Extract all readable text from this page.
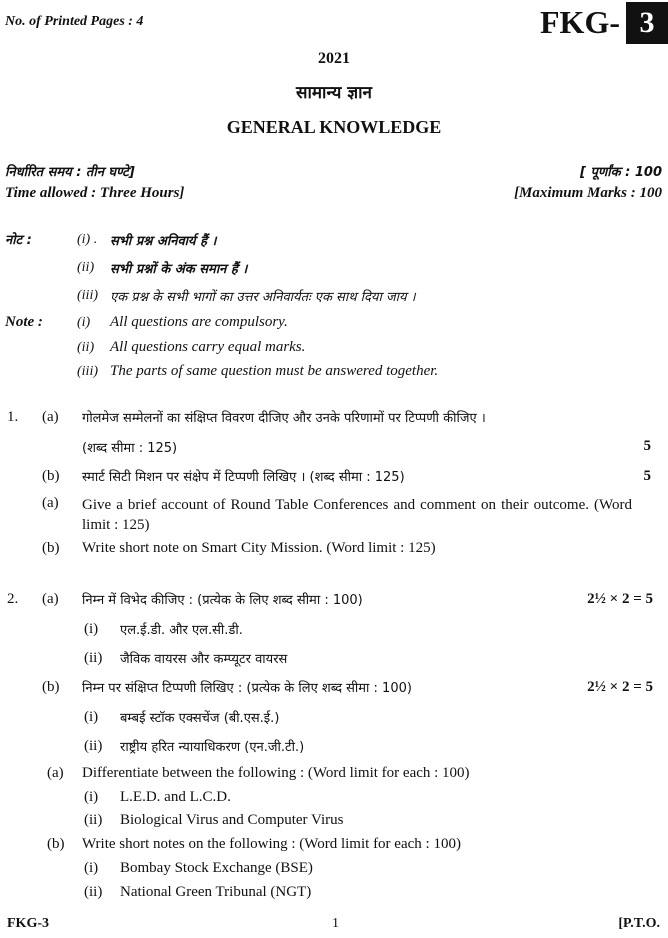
No. of Printed Pages : 4	FKG- 3
2021
सामान्य ज्ञान
GENERAL KNOWLEDGE
निर्धारित समय : तीन घण्टे]	[ पूर्णांक : 100
Time allowed : Three Hours]	[Maximum Marks : 100
नोट :	(i) . सभी प्रश्न अनिवार्य हैं ।
(ii) सभी प्रश्नों के अंक समान हैं ।
(iii) एक प्रश्न के सभी भागों का उत्तर अनिवार्यतः एक साथ दिया जाय ।
Note : (i) All questions are compulsory.
(ii) All questions carry equal marks.
(iii) The parts of same question must be answered together.
1. (a) गोलमेज सम्मेलनों का संक्षिप्त विवरण दीजिए और उनके परिणामों पर टिप्पणी कीजिए ।
(शब्द सीमा : 125)	5
(b) स्मार्ट सिटी मिशन पर संक्षेप में टिप्पणी लिखिए । (शब्द सीमा : 125)	5
(a) Give a brief account of Round Table Conferences and comment on their outcome. (Word limit : 125)
(b) Write short note on Smart City Mission. (Word limit : 125)
2. (a) निम्न में विभेद कीजिए : (प्रत्येक के लिए शब्द सीमा : 100)	2½ × 2 = 5
(i) एल.ई.डी. और एल.सी.डी.
(ii) जैविक वायरस और कम्प्यूटर वायरस
(b) निम्न पर संक्षिप्त टिप्पणी लिखिए : (प्रत्येक के लिए शब्द सीमा : 100)	2½ × 2 = 5
(i) बम्बई स्टॉक एक्सचेंज (बी.एस.ई.)
(ii) राष्ट्रीय हरित न्यायाधिकरण (एन.जी.टी.)
(a) Differentiate between the following : (Word limit for each : 100)
(i) L.E.D. and L.C.D.
(ii) Biological Virus and Computer Virus
(b) Write short notes on the following : (Word limit for each : 100)
(i) Bombay Stock Exchange (BSE)
(ii) National Green Tribunal (NGT)
FKG-3	1	[P.T.O.
